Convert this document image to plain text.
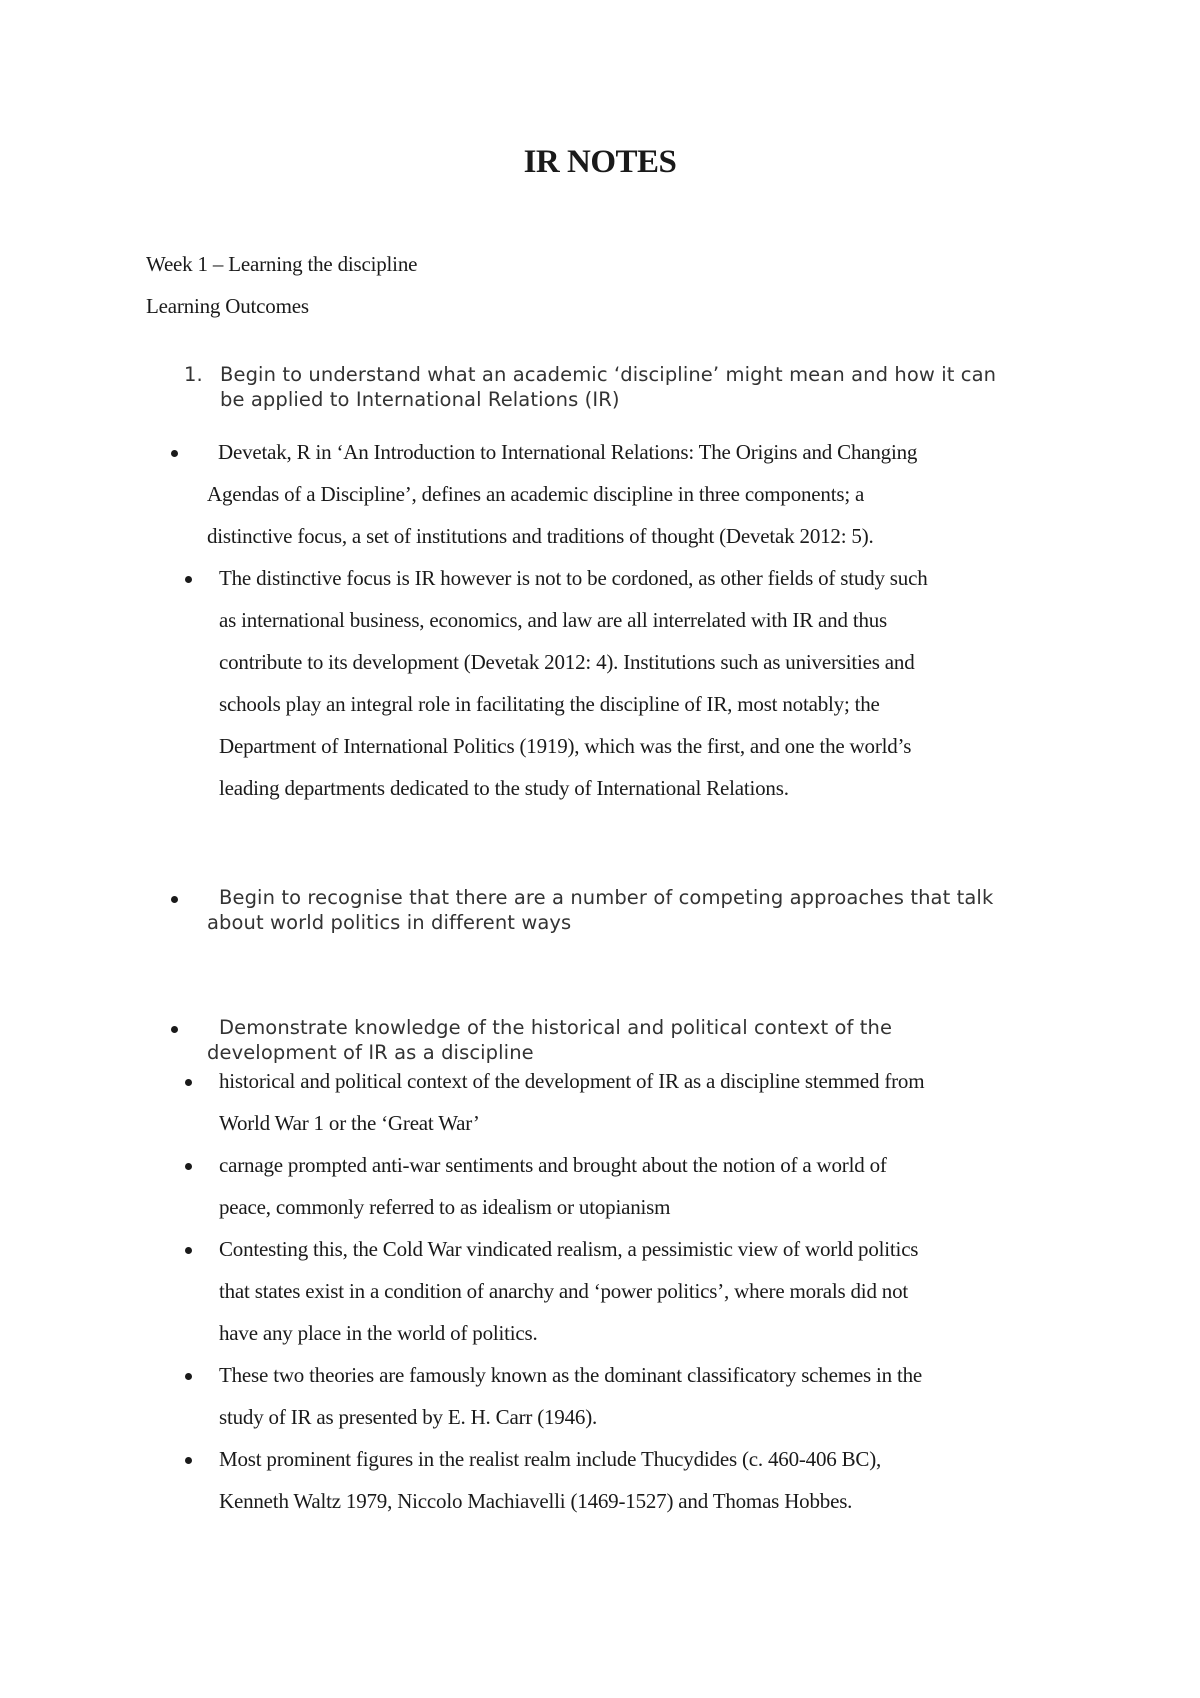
IR NOTES
Week 1 – Learning the discipline
Learning Outcomes
1. Begin to understand what an academic ‘discipline’ might mean and how it can
be applied to International Relations (IR)
Devetak, R in ‘An Introduction to International Relations: The Origins and Changing
Agendas of a Discipline’, defines an academic discipline in three components; a
distinctive focus, a set of institutions and traditions of thought (Devetak 2012: 5).
The distinctive focus is IR however is not to be cordoned, as other fields of study such
as international business, economics, and law are all interrelated with IR and thus
contribute to its development (Devetak 2012: 4). Institutions such as universities and
schools play an integral role in facilitating the discipline of IR, most notably; the
Department of International Politics (1919), which was the first, and one the world’s
leading departments dedicated to the study of International Relations.
Begin to recognise that there are a number of competing approaches that talk
about world politics in different ways
Demonstrate knowledge of the historical and political context of the
development of IR as a discipline
historical and political context of the development of IR as a discipline stemmed from
World War 1 or the ‘Great War’
carnage prompted anti-war sentiments and brought about the notion of a world of
peace, commonly referred to as idealism or utopianism
Contesting this, the Cold War vindicated realism, a pessimistic view of world politics
that states exist in a condition of anarchy and ‘power politics’, where morals did not
have any place in the world of politics.
These two theories are famously known as the dominant classificatory schemes in the
study of IR as presented by E. H. Carr (1946).
Most prominent figures in the realist realm include Thucydides (c. 460-406 BC),
Kenneth Waltz 1979, Niccolo Machiavelli (1469-1527) and Thomas Hobbes.
